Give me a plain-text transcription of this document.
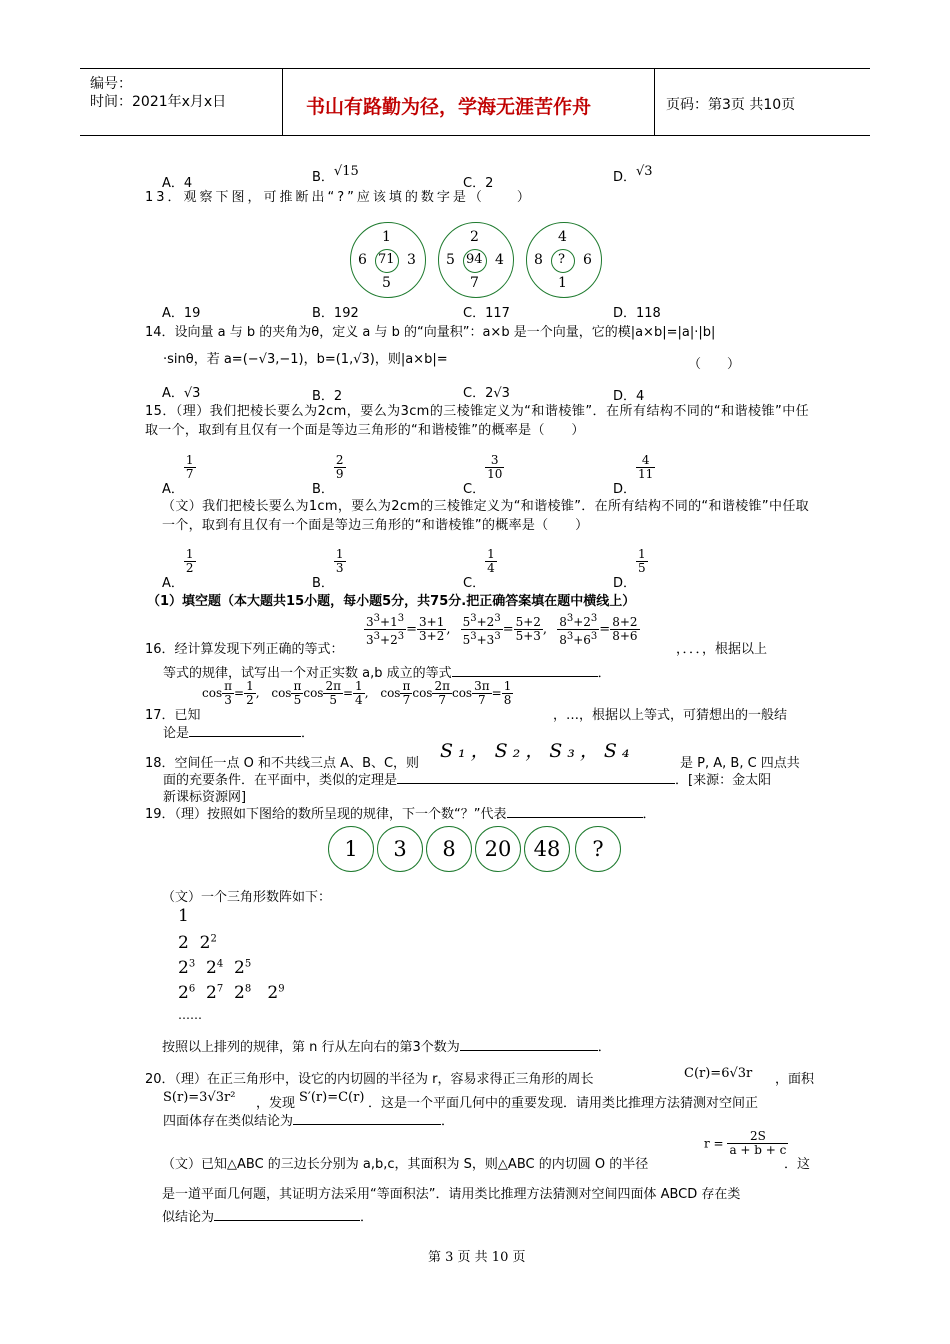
编号：
时间：2021年x月x日	书山有路勤为径，学海无涯苦作舟	页码：第3页 共10页
A．4	B．√15
C．2	D．√3
13．观察下图，可推断出“?”应该填的数字是（　　）
1
6 71 3
5
2
5 94 4
7
4
8 ? 6
1
A．19	B．192	C．117	D．118
14．设向量 a 与 b 的夹角为θ，定义 a 与 b 的“向量积”：a×b 是一个向量，它的模|a×b|=|a|·|b|
·sinθ，若 a=(−√3,−1)，b=(1,√3)，则|a×b|=	（　　）
A．√3	B．2	C．2√3	D．4
15．（理）我们把棱长要么为2cm，要么为3cm的三棱锥定义为“和谐棱锥”．在所有结构不同的“和谐棱锥”中任取一个，取到有且仅有一个面是等边三角形的“和谐棱锥”的概率是（　　）
A．
$\frac{1}{7}$
B．
$\frac{2}{9}$
C．
$\frac{3}{10}$
D．
$\frac{4}{11}$
（文）我们把棱长要么为1cm，要么为2cm的三棱锥定义为“和谐棱锥”．在所有结构不同的“和谐棱锥”中任取一个，取到有且仅有一个面是等边三角形的“和谐棱锥”的概率是（　　）
A．
$\frac{1}{2}$
B．
$\frac{1}{3}$
C．
$\frac{1}{4}$
D．
$\frac{1}{5}$
（1）填空题（本大题共15小题，每小题5分，共75分.把正确答案填在题中横线上）
16．经计算发现下列正确的等式：
$\frac{3^3+1^3}{3^3+2^3} = \frac{3+1}{3+2}$ , $\frac{5^3+2^3}{5^3+3^3} = \frac{5+2}{5+3}$ , $\frac{8^3+2^3}{8^3+6^3} = \frac{8+2}{8+6}$
，．．．，根据以上
等式的规律，试写出一个对正实数 a,b 成立的等式	．
17．已知
$\cos \frac{\pi}{3} = \frac{1}{2}$ , $\cos \frac{\pi}{5}$ $\cos \frac{2\pi}{5} = \frac{1}{4}$ , $\cos \frac{\pi}{7}$ $\cos \frac{2\pi}{7}$ $\cos \frac{3\pi}{7} = \frac{1}{8}$
，…，根据以上等式，可猜想出的一般结
论是	．
18．空间任一点 O 和不共线三点 A、B、C，则
S₁，S₂，S₃，S₄
是 P, A, B, C 四点共
面的充要条件．在平面中，类似的定理是	．[来源：金太阳
新课标资源网]
19．（理）按照如下图给的数所呈现的规律，下一个数“？”代表	．
1	3	8	20	48	?
（文）一个三角形数阵如下：
1
2  $2^2$
$2^3$  $2^4$  $2^5$
$2^6$  $2^7$  $2^8$   $2^9$
……
按照以上排列的规律，第 n 行从左向右的第3个数为	．
20．（理）在正三角形中，设它的内切圆的半径为 r，容易求得正三角形的周长	C(r)=6√3r ，面积
S(r)=3√3r² ，发现 S′(r)=C(r) ．这是一个平面几何中的重要发现．请用类比推理方法猜测对空间正
四面体存在类似结论为	．
（文）已知△ABC 的三边长分别为 a,b,c，其面积为 S，则△ABC 的内切圆 O 的半径
$r = \frac{2S}{a + b + c}$
．这
是一道平面几何题，其证明方法采用“等面积法”．请用类比推理方法猜测对空间四面体 ABCD 存在类
似结论为	．
第 3 页 共 10 页
